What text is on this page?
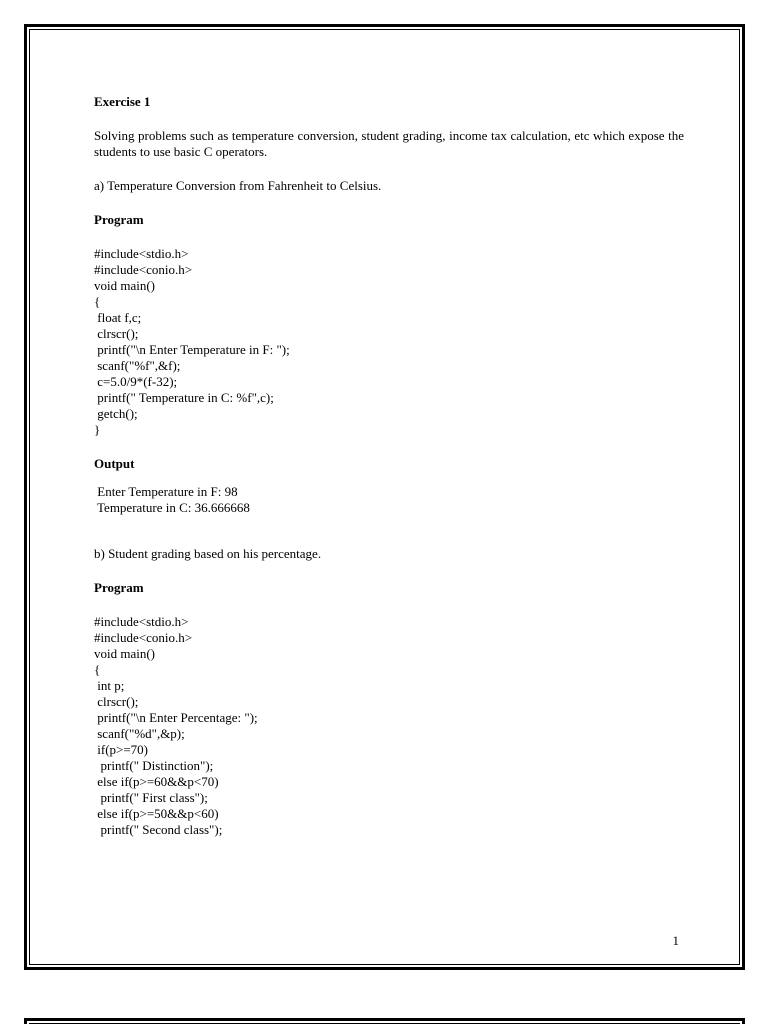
Exercise 1

Solving problems such as temperature conversion, student grading, income tax calculation, etc which expose the students to use basic C operators.

a) Temperature Conversion from Fahrenheit to Celsius.

Program

#include<stdio.h>
#include<conio.h>
void main()
{
float f,c;
clrscr();
printf("\n Enter Temperature in F: ");
scanf("%f",&f);
c=5.0/9*(f-32);
printf(" Temperature in C: %f",c);
getch();
}

Output

Enter Temperature in F: 98
Temperature in C: 36.666668

b) Student grading based on his percentage.

Program

#include<stdio.h>
#include<conio.h>
void main()
{
int p;
clrscr();
printf("\n Enter Percentage: ");
scanf("%d",&p);
if(p>=70)
printf(" Distinction");
else if(p>=60&&p<70)
printf(" First class");
else if(p>=50&&p<60)
printf(" Second class");
1
